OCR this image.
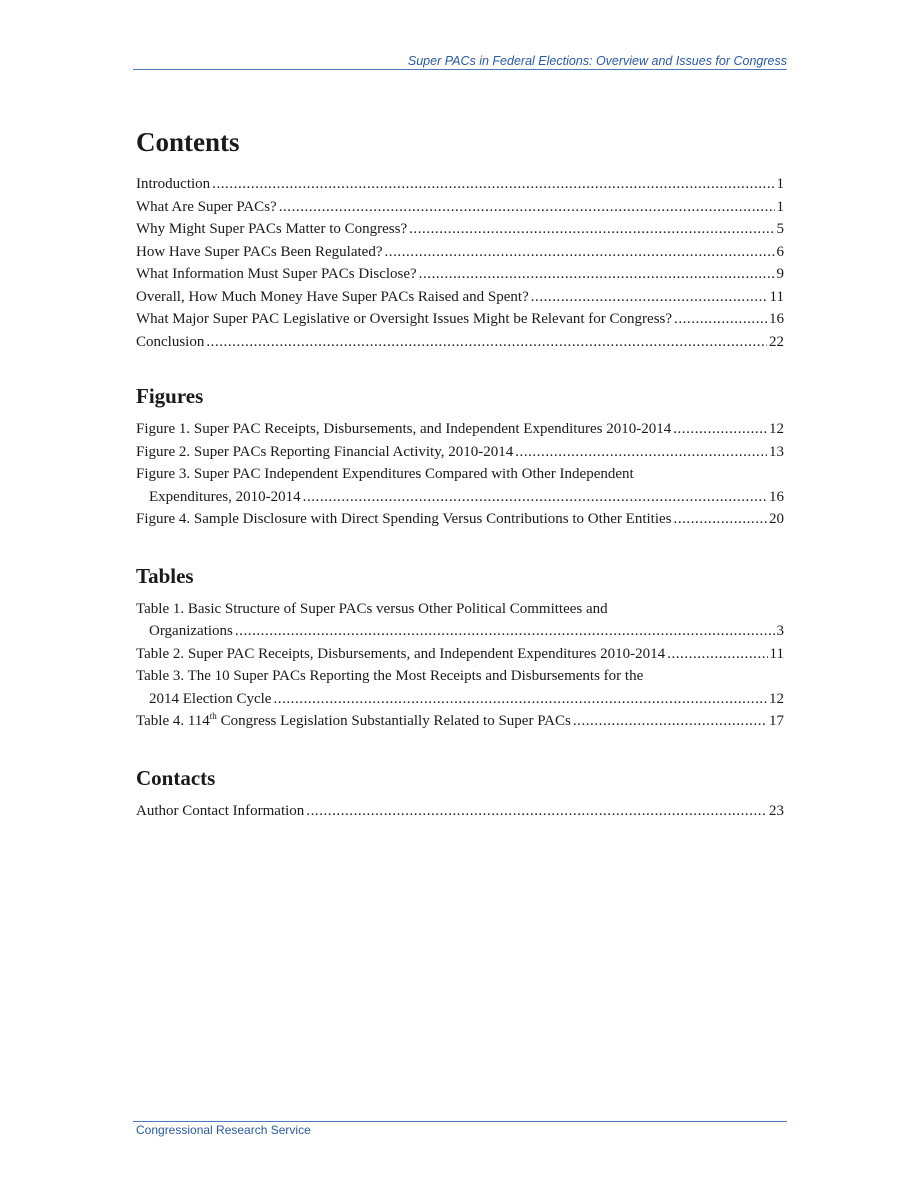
Super PACs in Federal Elections: Overview and Issues for Congress
Contents
Introduction . . .	1
What Are Super PACs? . . .	1
Why Might Super PACs Matter to Congress? . . .	5
How Have Super PACs Been Regulated? . . .	6
What Information Must Super PACs Disclose? . . .	9
Overall, How Much Money Have Super PACs Raised and Spent? . . .	11
What Major Super PAC Legislative or Oversight Issues Might be Relevant for Congress? . . .	16
Conclusion . . .	22
Figures
Figure 1. Super PAC Receipts, Disbursements, and Independent Expenditures 2010-2014 . . .	12
Figure 2. Super PACs Reporting Financial Activity, 2010-2014 . . .	13
Figure 3. Super PAC Independent Expenditures Compared with Other Independent
Expenditures, 2010-2014 . . .	16
Figure 4. Sample Disclosure with Direct Spending Versus Contributions to Other Entities . . .	20
Tables
Table 1. Basic Structure of Super PACs versus Other Political Committees and
Organizations . . .	3
Table 2. Super PAC Receipts, Disbursements, and Independent Expenditures 2010-2014 . . .	11
Table 3. The 10 Super PACs Reporting the Most Receipts and Disbursements for the
2014 Election Cycle . . .	12
Table 4. 114th Congress Legislation Substantially Related to Super PACs . . .	17
Contacts
Author Contact Information . . .	23
Congressional Research Service
